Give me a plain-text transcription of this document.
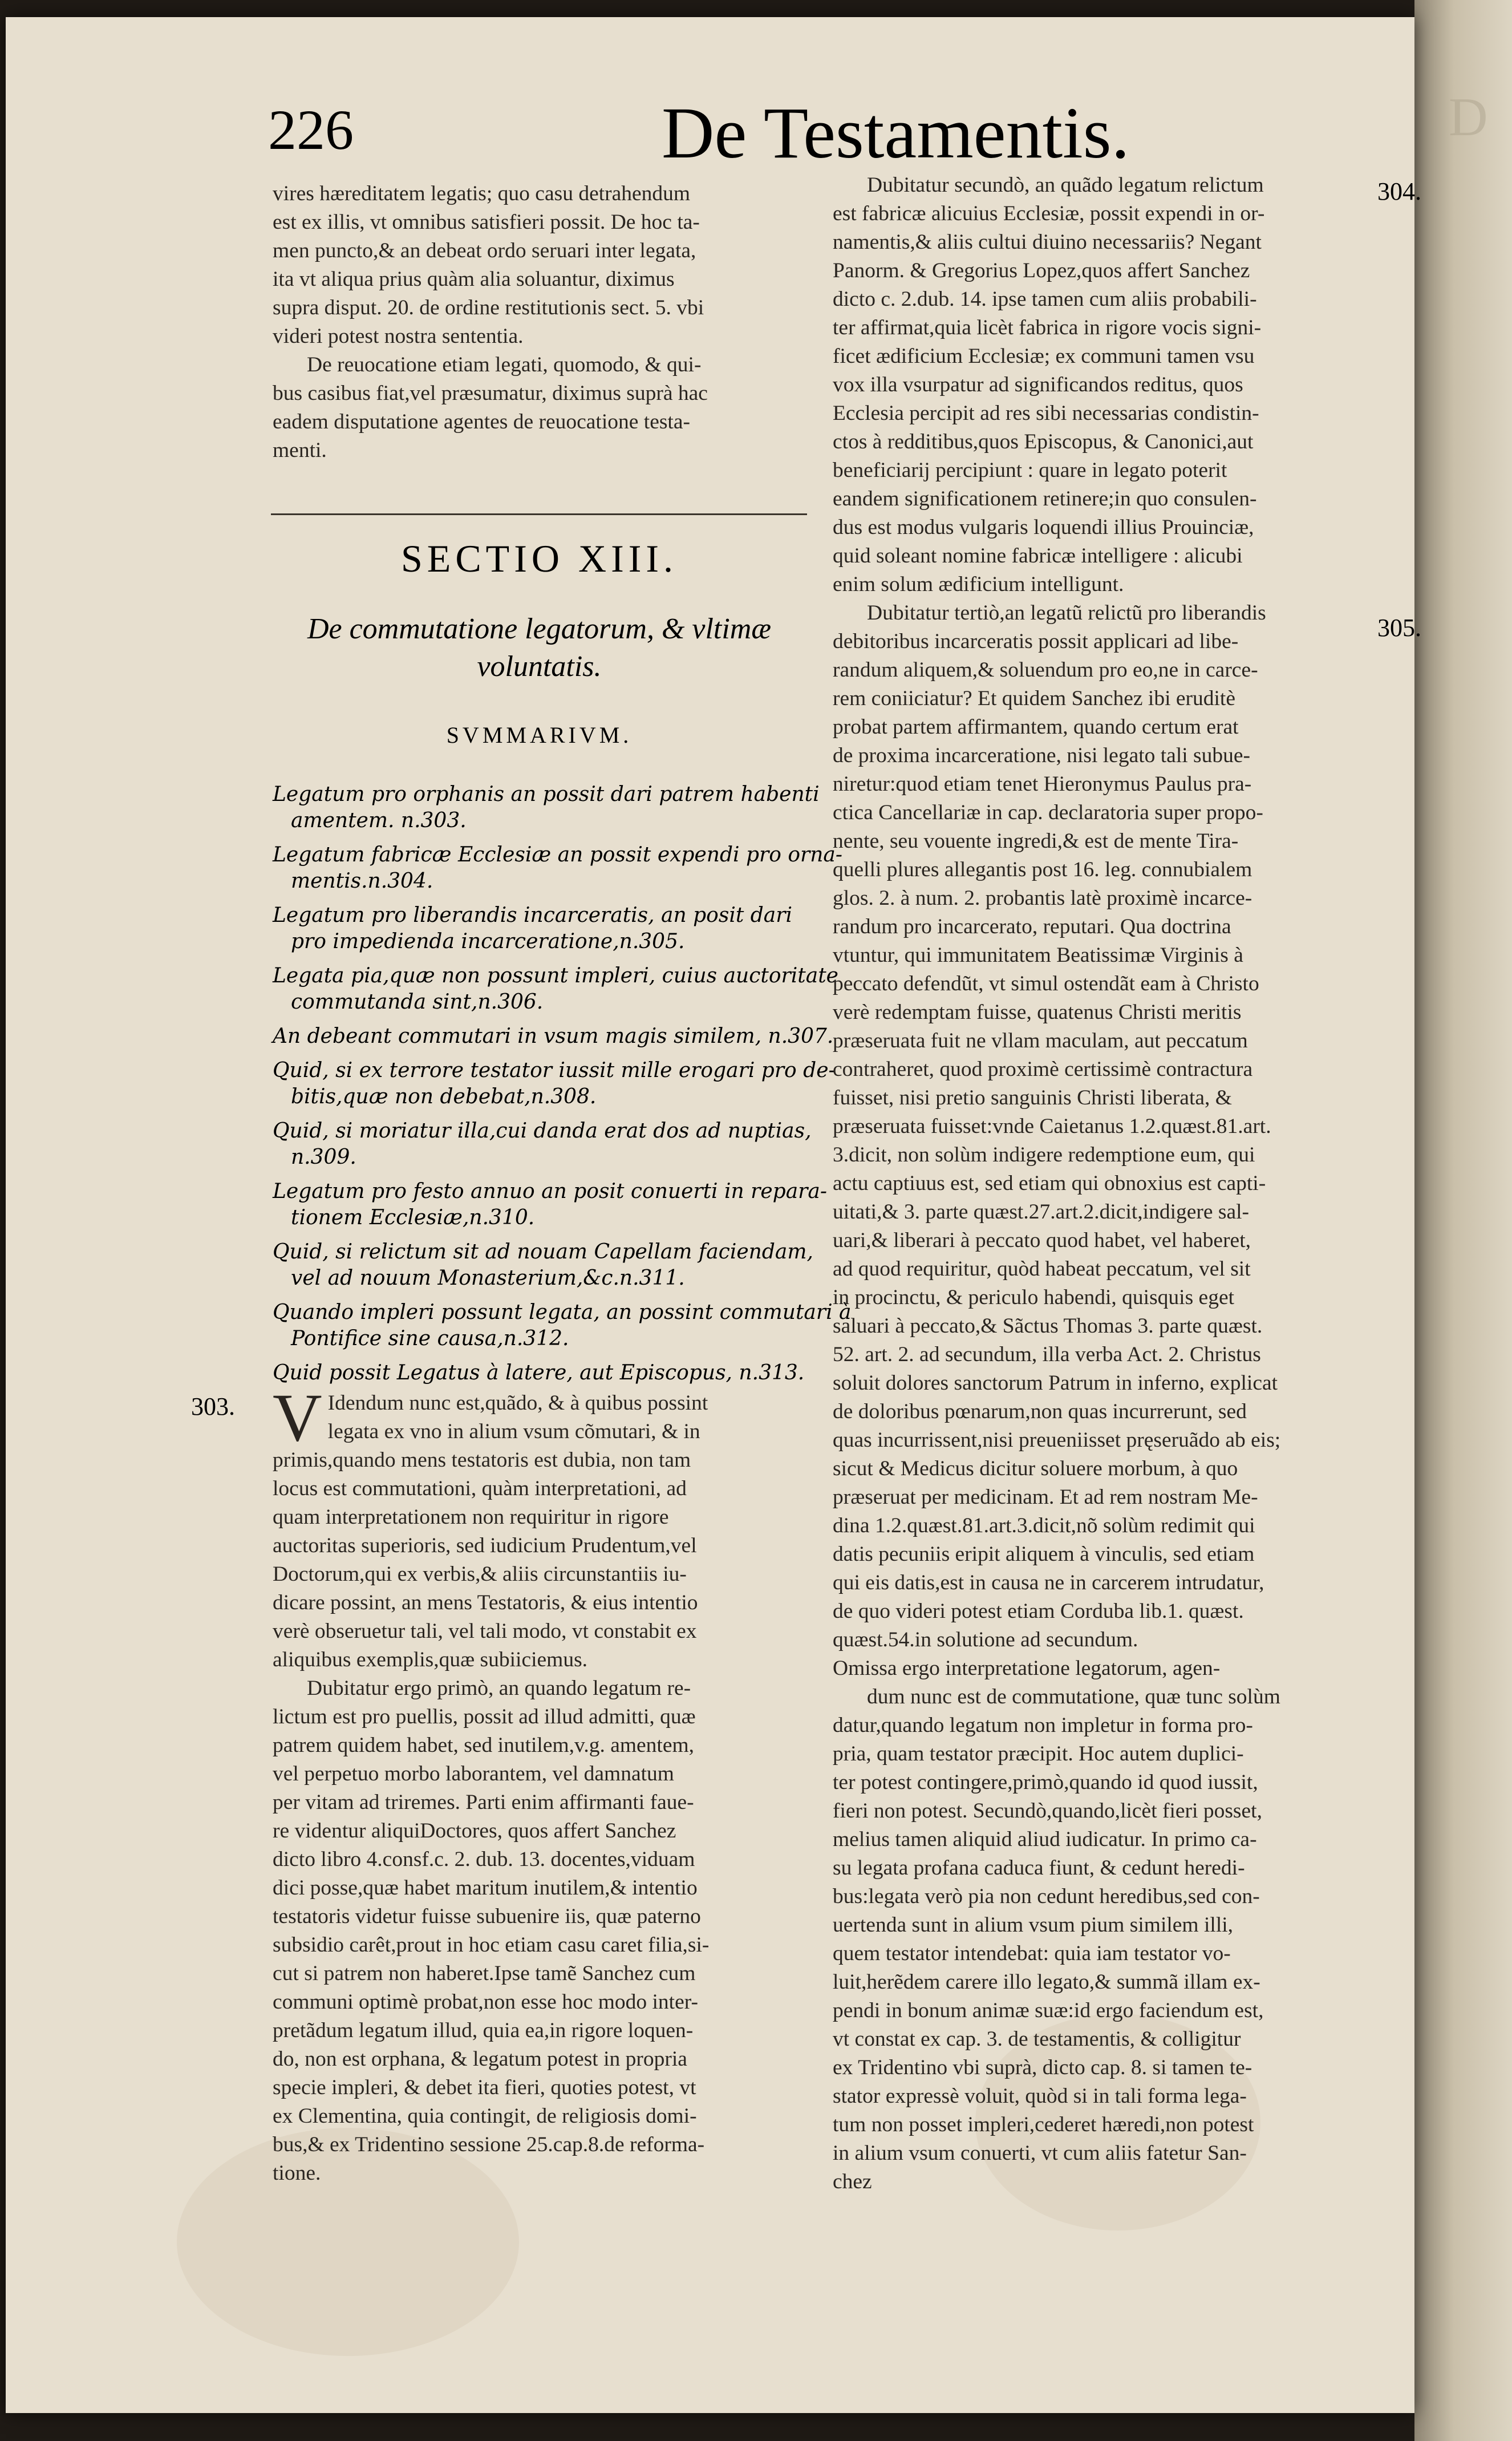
D
226	De Testamentis.

vires hæreditatem legatis; quo casu detrahendum

est ex illis, vt omnibus satisfieri possit. De hoc ta-

men puncto,& an debeat ordo seruari inter legata,

ita vt aliqua prius quàm alia soluantur, diximus

supra disput. 20. de ordine restitutionis sect. 5. vbi

videri potest nostra sententia.

De reuocatione etiam legati, quomodo, & qui-

bus casibus fiat,vel præsumatur, diximus suprà hac

eadem disputatione agentes de reuocatione testa-

menti.

SECTIO XIII.
De commutatione legatorum, & vltimæ
voluntatis.
SVMMARIVM.
Legatum pro orphanis an possit dari patrem habenti
amentem. n.303.
Legatum fabricæ Ecclesiæ an possit expendi pro orna-
mentis.n.304.
Legatum pro liberandis incarceratis, an posit dari
pro impedienda incarceratione,n.305.
Legata pia,quæ non possunt impleri, cuius auctoritate
commutanda sint,n.306.
An debeant commutari in vsum magis similem, n.307.
Quid, si ex terrore testator iussit mille erogari pro de-
bitis,quæ non debebat,n.308.
Quid, si moriatur illa,cui danda erat dos ad nuptias,
n.309.
Legatum pro festo annuo an posit conuerti in repara-
tionem Ecclesiæ,n.310.
Quid, si relictum sit ad nouam Capellam faciendam,
vel ad nouum Monasterium,&c.n.311.
Quando impleri possunt legata, an possint commutari à
Pontifice sine causa,n.312.
Quid possit Legatus à latere, aut Episcopus, n.313.
303. V Idendum nunc est,quãdo, & à quibus possint

legata ex vno in alium vsum cõmutari, & in

primis,quando mens testatoris est dubia, non tam

locus est commutationi, quàm interpretationi, ad

quam interpretationem non requiritur in rigore

auctoritas superioris, sed iudicium Prudentum,vel

Doctorum,qui ex verbis,& aliis circunstantiis iu-

dicare possint, an mens Testatoris, & eius intentio

verè obseruetur tali, vel tali modo, vt constabit ex

aliquibus exemplis,quæ subiiciemus.

Dubitatur ergo primò, an quando legatum re-

lictum est pro puellis, possit ad illud admitti, quæ

patrem quidem habet, sed inutilem,v.g. amentem,

vel perpetuo morbo laborantem, vel damnatum

per vitam ad triremes. Parti enim affirmanti faue-

re videntur aliquiDoctores, quos affert Sanchez

dicto libro 4.consf.c. 2. dub. 13. docentes,viduam

dici posse,quæ habet maritum inutilem,& intentio

testatoris videtur fuisse subuenire iis, quæ paterno

subsidio carêt,prout in hoc etiam casu caret filia,si-

cut si patrem non haberet.Ipse tamẽ Sanchez cum

communi optimè probat,non esse hoc modo inter-

pretãdum legatum illud, quia ea,in rigore loquen-

do, non est orphana, & legatum potest in propria

specie impleri, & debet ita fieri, quoties potest, vt

ex Clementina, quia contingit, de religiosis domi-

bus,& ex Tridentino sessione 25.cap.8.de reforma-

tione.

304.
305.

Dubitatur secundò, an quãdo legatum relictum

est fabricæ alicuius Ecclesiæ, possit expendi in or-

namentis,& aliis cultui diuino necessariis? Negant

Panorm. & Gregorius Lopez,quos affert Sanchez

dicto c. 2.dub. 14. ipse tamen cum aliis probabili-

ter affirmat,quia licèt fabrica in rigore vocis signi-

ficet ædificium Ecclesiæ; ex communi tamen vsu

vox illa vsurpatur ad significandos reditus, quos

Ecclesia percipit ad res sibi necessarias condistin-

ctos à redditibus,quos Episcopus, & Canonici,aut

beneficiarij percipiunt : quare in legato poterit

eandem significationem retinere;in quo consulen-

dus est modus vulgaris loquendi illius Prouinciæ,

quid soleant nomine fabricæ intelligere : alicubi

enim solum ædificium intelligunt.

Dubitatur tertiò,an legatũ relictũ pro liberandis

debitoribus incarceratis possit applicari ad libe-

randum aliquem,& soluendum pro eo,ne in carce-

rem coniiciatur? Et quidem Sanchez ibi eruditè

probat partem affirmantem, quando certum erat

de proxima incarceratione, nisi legato tali subue-

niretur:quod etiam tenet Hieronymus Paulus pra-

ctica Cancellariæ in cap. declaratoria super propo-

nente, seu vouente ingredi,& est de mente Tira-

quelli plures allegantis post 16. leg. connubialem

glos. 2. à num. 2. probantis latè proximè incarce-

randum pro incarcerato, reputari. Qua doctrina

vtuntur, qui immunitatem Beatissimæ Virginis à

peccato defendũt, vt simul ostendãt eam à Christo

verè redemptam fuisse, quatenus Christi meritis

præseruata fuit ne vllam maculam, aut peccatum

contraheret, quod proximè certissimè contractura

fuisset, nisi pretio sanguinis Christi liberata, &

præseruata fuisset:vnde Caietanus 1.2.quæst.81.art.

3.dicit, non solùm indigere redemptione eum, qui

actu captiuus est, sed etiam qui obnoxius est capti-

uitati,& 3. parte quæst.27.art.2.dicit,indigere sal-

uari,& liberari à peccato quod habet, vel haberet,

ad quod requiritur, quòd habeat peccatum, vel sit

in procinctu, & periculo habendi, quisquis eget

saluari à peccato,& Sãctus Thomas 3. parte quæst.

52. art. 2. ad secundum, illa verba Act. 2. Christus

soluit dolores sanctorum Patrum in inferno, explicat

de doloribus pœnarum,non quas incurrerunt, sed

quas incurrissent,nisi preueniisset pręseruãdo ab eis;

sicut & Medicus dicitur soluere morbum, à quo

præseruat per medicinam. Et ad rem nostram Me-

dina 1.2.quæst.81.art.3.dicit,nõ solùm redimit qui

datis pecuniis eripit aliquem à vinculis, sed etiam

qui eis datis,est in causa ne in carcerem intrudatur,

de quo videri potest etiam Corduba lib.1. quæst.

quæst.54.in solutione ad secundum.

Omissa ergo interpretatione legatorum, agen-

dum nunc est de commutatione, quæ tunc solùm

datur,quando legatum non impletur in forma pro-

pria, quam testator præcipit. Hoc autem duplici-

ter potest contingere,primò,quando id quod iussit,

fieri non potest. Secundò,quando,licèt fieri posset,

melius tamen aliquid aliud iudicatur. In primo ca-

su legata profana caduca fiunt, & cedunt heredi-

bus:legata verò pia non cedunt heredibus,sed con-

uertenda sunt in alium vsum pium similem illi,

quem testator intendebat: quia iam testator vo-

luit,herẽdem carere illo legato,& summã illam ex-

pendi in bonum animæ suæ:id ergo faciendum est,

vt constat ex cap. 3. de testamentis, & colligitur

ex Tridentino vbi suprà, dicto cap. 8. si tamen te-

stator expressè voluit, quòd si in tali forma lega-

tum non posset impleri,cederet hæredi,non potest

in alium vsum conuerti, vt cum aliis fatetur San-

chez
